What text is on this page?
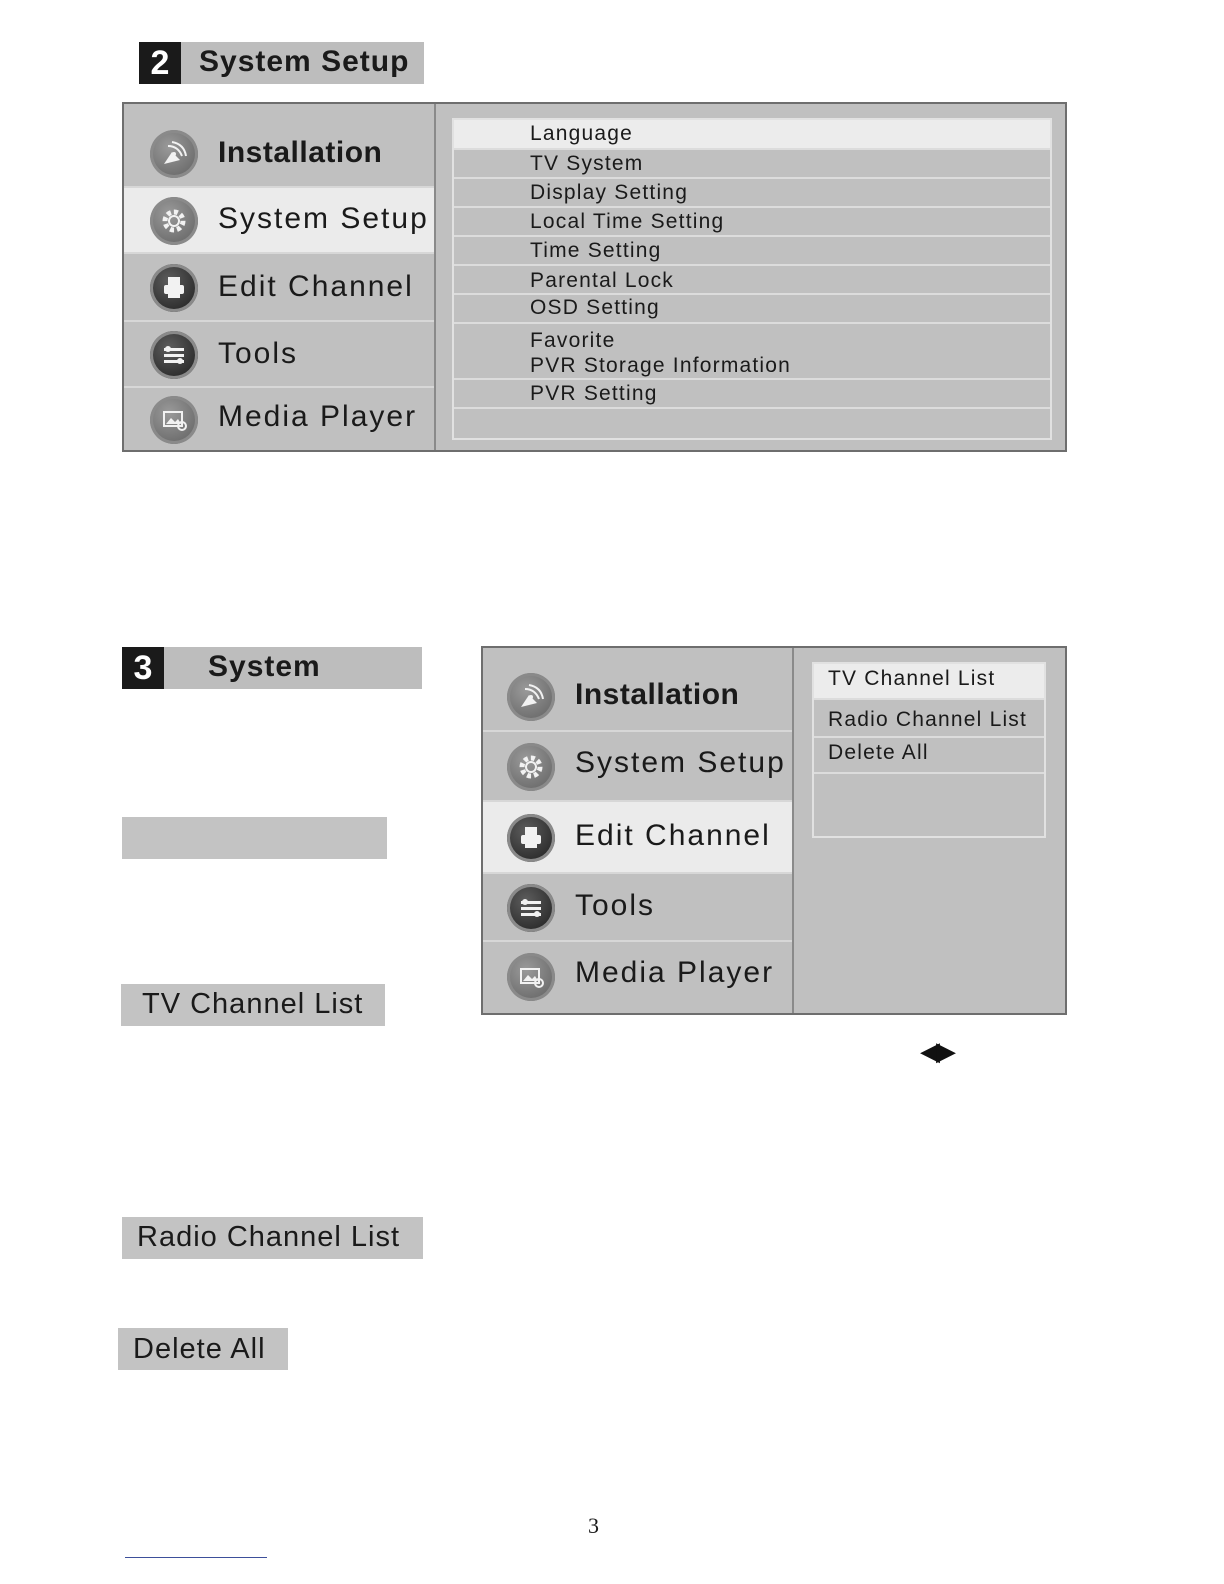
2 System Setup
Installation
System Setup
Edit Channel
Tools
Media Player
Language
TV System
Display Setting
Local Time Setting
Time Setting
Parental Lock
OSD Setting
Favorite
PVR Storage Information
PVR Setting
3	System
TV Channel List
Radio Channel List
Delete All
Installation
System Setup
Edit Channel
Tools
Media Player
TV Channel List
Radio Channel List
Delete All
◀▶
3
